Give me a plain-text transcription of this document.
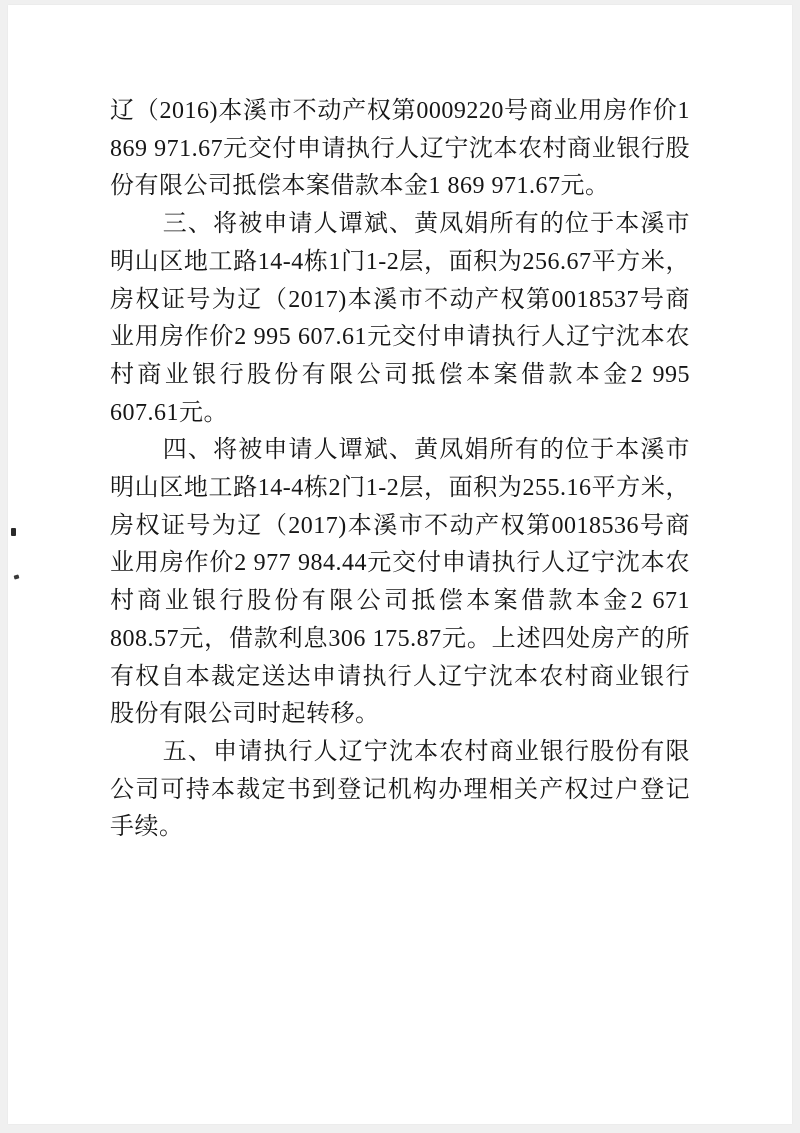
辽（2016)本溪市不动产权第0009220号商业用房作价1 869 971.67元交付申请执行人辽宁沈本农村商业银行股份有限公司抵偿本案借款本金1 869 971.67元。

三、将被申请人谭斌、黄凤娟所有的位于本溪市明山区地工路14-4栋1门1-2层，面积为256.67平方米，房权证号为辽（2017)本溪市不动产权第0018537号商业用房作价2 995 607.61元交付申请执行人辽宁沈本农村商业银行股份有限公司抵偿本案借款本金2 995 607.61元。

四、将被申请人谭斌、黄凤娟所有的位于本溪市明山区地工路14-4栋2门1-2层，面积为255.16平方米，房权证号为辽（2017)本溪市不动产权第0018536号商业用房作价2 977 984.44元交付申请执行人辽宁沈本农村商业银行股份有限公司抵偿本案借款本金2 671 808.57元，借款利息306 175.87元。上述四处房产的所有权自本裁定送达申请执行人辽宁沈本农村商业银行股份有限公司时起转移。

五、申请执行人辽宁沈本农村商业银行股份有限公司可持本裁定书到登记机构办理相关产权过户登记手续。
